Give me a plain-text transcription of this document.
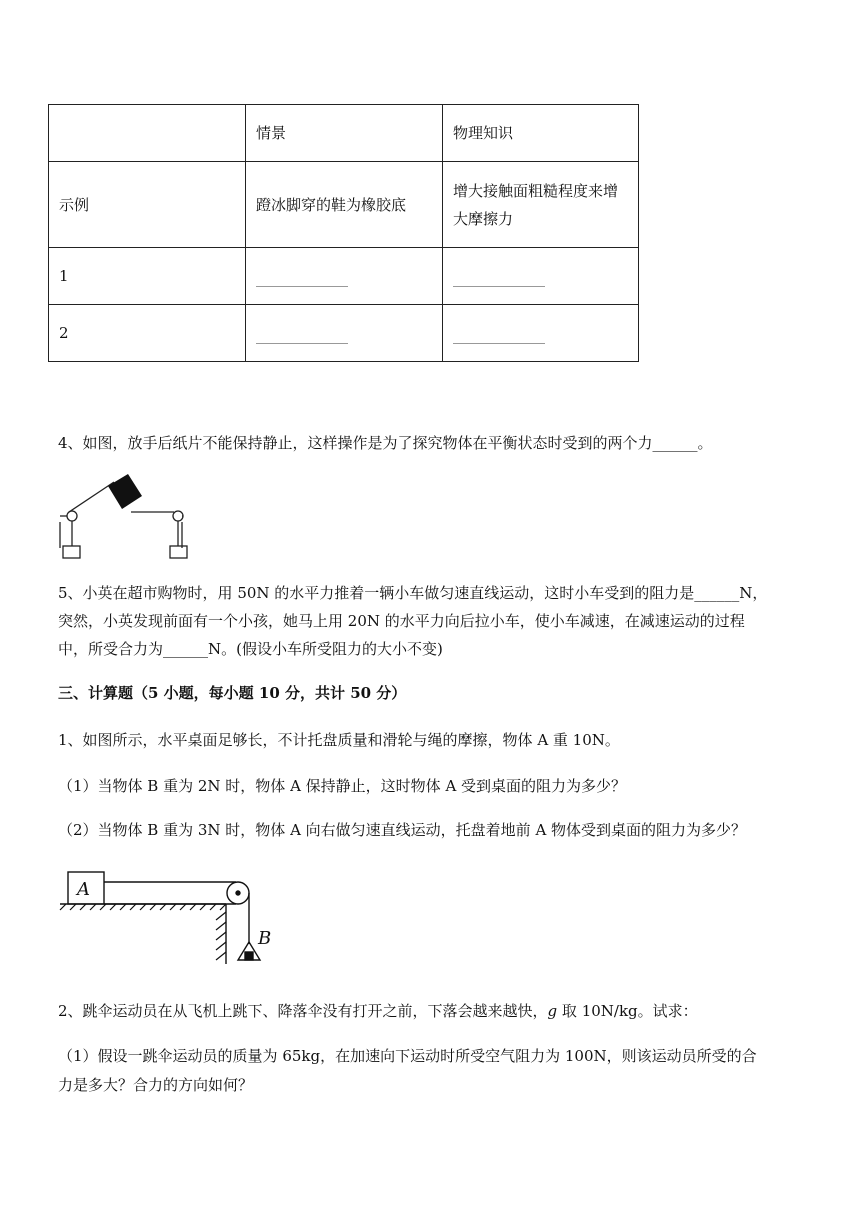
	情景	物理知识
示例	蹬冰脚穿的鞋为橡胶底	增大接触面粗糙程度来增大摩擦力
1		
2		
4、如图，放手后纸片不能保持静止，这样操作是为了探究物体在平衡状态时受到的两个力______。
5、小英在超市购物时，用 50N 的水平力推着一辆小车做匀速直线运动，这时小车受到的阻力是______N，
突然，小英发现前面有一个小孩，她马上用 20N 的水平力向后拉小车，使小车减速，在减速运动的过程
中，所受合力为______N。(假设小车所受阻力的大小不变)
三、计算题（5 小题，每小题 10 分，共计 50 分）
1、如图所示，水平桌面足够长，不计托盘质量和滑轮与绳的摩擦，物体 A 重 10N。
（1）当物体 B 重为 2N 时，物体 A 保持静止，这时物体 A 受到桌面的阻力为多少？
（2）当物体 B 重为 3N 时，物体 A 向右做匀速直线运动，托盘着地前 A 物体受到桌面的阻力为多少？
A
B
2、跳伞运动员在从飞机上跳下、降落伞没有打开之前，下落会越来越快，g 取 10N/kg。试求：
（1）假设一跳伞运动员的质量为 65kg，在加速向下运动时所受空气阻力为 100N，则该运动员所受的合
力是多大？合力的方向如何？
